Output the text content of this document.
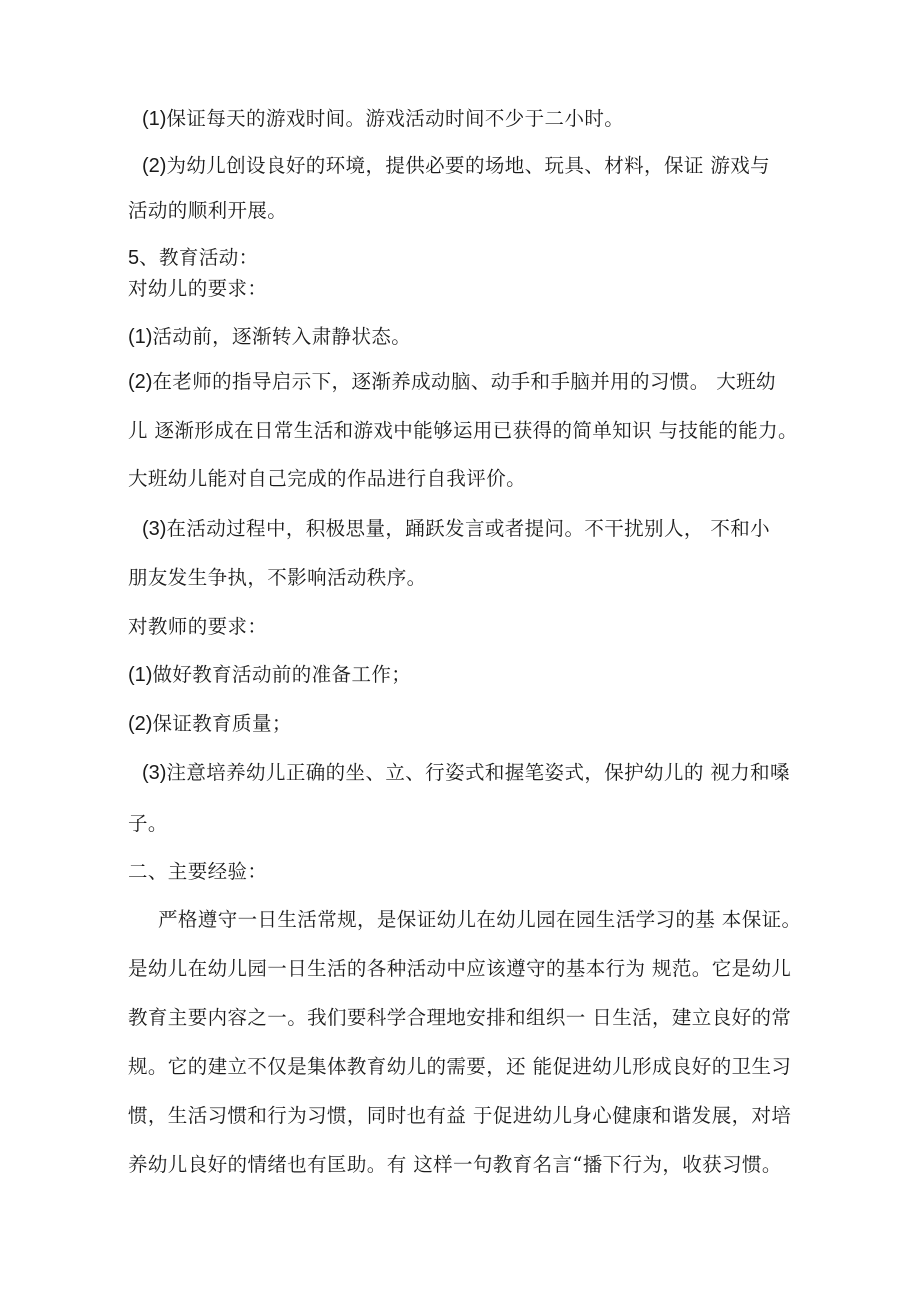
(1)保证每天的游戏时间。游戏活动时间不少于二小时。
(2)为幼儿创设良好的环境，提供必要的场地、玩具、材料，保证 游戏与
活动的顺利开展。
5、教育活动：
对幼儿的要求：
(1)活动前，逐渐转入肃静状态。
(2)在老师的指导启示下，逐渐养成动脑、动手和手脑并用的习惯。 大班幼
儿 逐渐形成在日常生活和游戏中能够运用已获得的简单知识 与技能的能力。
大班幼儿能对自己完成的作品进行自我评价。
(3)在活动过程中，积极思量，踊跃发言或者提问。不干扰别人， 不和小
朋友发生争执，不影响活动秩序。
对教师的要求：
(1)做好教育活动前的准备工作；
(2)保证教育质量；
(3)注意培养幼儿正确的坐、立、行姿式和握笔姿式，保护幼儿的 视力和嗓
子。
二、主要经验：
严格遵守一日生活常规，是保证幼儿在幼儿园在园生活学习的基 本保证。
是幼儿在幼儿园一日生活的各种活动中应该遵守的基本行为 规范。它是幼儿
教育主要内容之一。我们要科学合理地安排和组织一 日生活，建立良好的常
规。它的建立不仅是集体教育幼儿的需要，还 能促进幼儿形成良好的卫生习
惯，生活习惯和行为习惯，同时也有益 于促进幼儿身心健康和谐发展，对培
养幼儿良好的情绪也有匡助。有 这样一句教育名言“播下行为，收获习惯。
